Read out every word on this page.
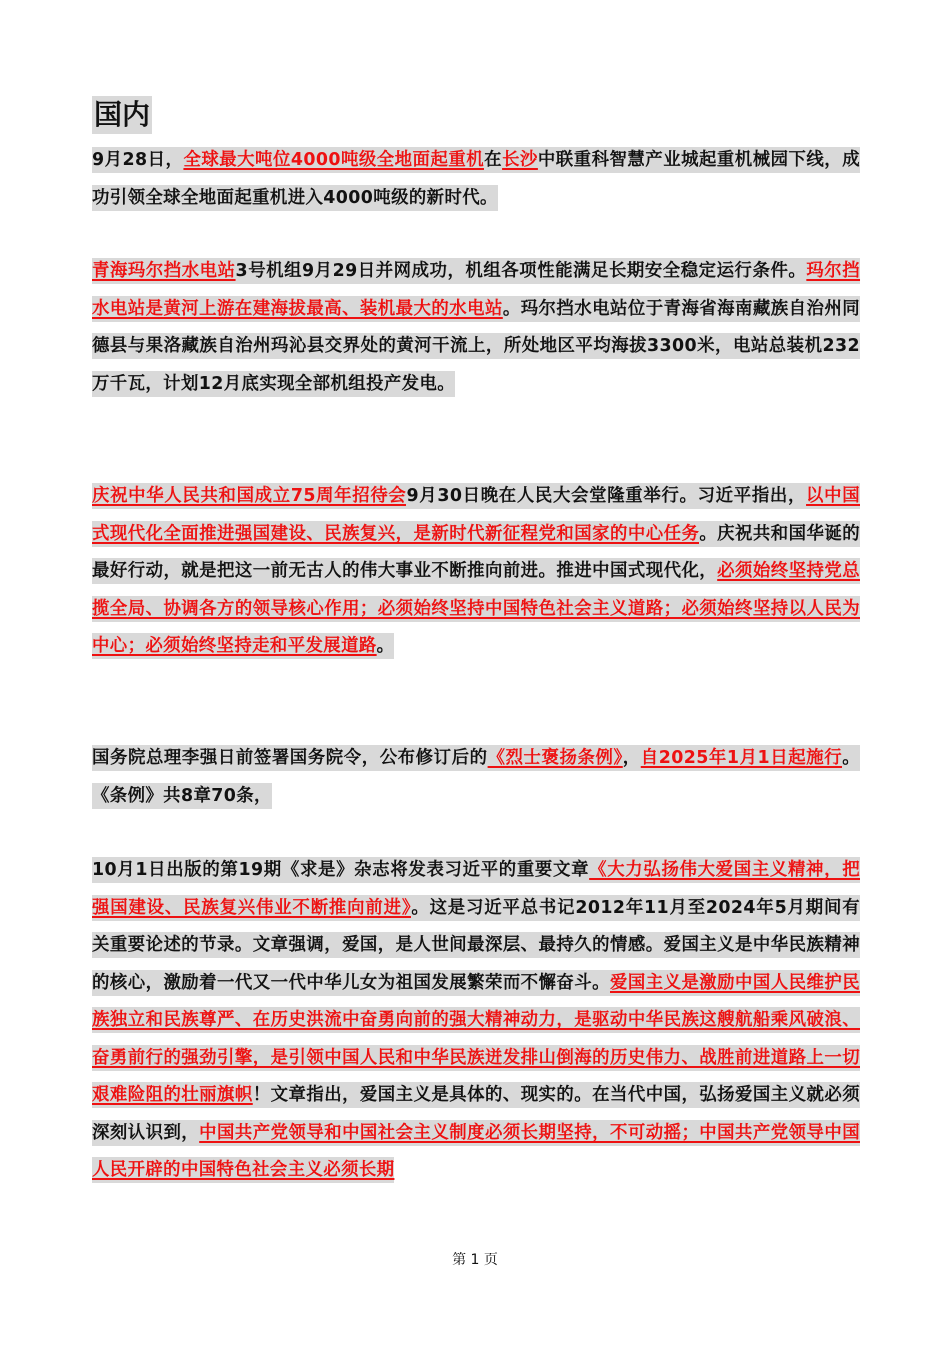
国内

9月28日，全球最大吨位4000吨级全地面起重机在长沙中联重科智慧产业城起重机械园下线，成功引领全球全地面起重机进入4000吨级的新时代。

青海玛尔挡水电站3号机组9月29日并网成功，机组各项性能满足长期安全稳定运行条件。玛尔挡水电站是黄河上游在建海拔最高、装机最大的水电站。玛尔挡水电站位于青海省海南藏族自治州同德县与果洛藏族自治州玛沁县交界处的黄河干流上，所处地区平均海拔3300米，电站总装机232万千瓦，计划12月底实现全部机组投产发电。

庆祝中华人民共和国成立75周年招待会9月30日晚在人民大会堂隆重举行。习近平指出，以中国式现代化全面推进强国建设、民族复兴，是新时代新征程党和国家的中心任务。庆祝共和国华诞的最好行动，就是把这一前无古人的伟大事业不断推向前进。推进中国式现代化，必须始终坚持党总揽全局、协调各方的领导核心作用；必须始终坚持中国特色社会主义道路；必须始终坚持以人民为中心；必须始终坚持走和平发展道路。

国务院总理李强日前签署国务院令，公布修订后的《烈士褒扬条例》，自2025年1月1日起施行。《条例》共8章70条，

10月1日出版的第19期《求是》杂志将发表习近平的重要文章《大力弘扬伟大爱国主义精神，把强国建设、民族复兴伟业不断推向前进》。这是习近平总书记2012年11月至2024年5月期间有关重要论述的节录。文章强调，爱国，是人世间最深层、最持久的情感。爱国主义是中华民族精神的核心，激励着一代又一代中华儿女为祖国发展繁荣而不懈奋斗。爱国主义是激励中国人民维护民族独立和民族尊严、在历史洪流中奋勇向前的强大精神动力，是驱动中华民族这艘航船乘风破浪、奋勇前行的强劲引擎，是引领中国人民和中华民族迸发排山倒海的历史伟力、战胜前进道路上一切艰难险阻的壮丽旗帜！文章指出，爱国主义是具体的、现实的。在当代中国，弘扬爱国主义就必须深刻认识到，中国共产党领导和中国社会主义制度必须长期坚持，不可动摇；中国共产党领导中国人民开辟的中国特色社会主义必须长期

第 1 页
